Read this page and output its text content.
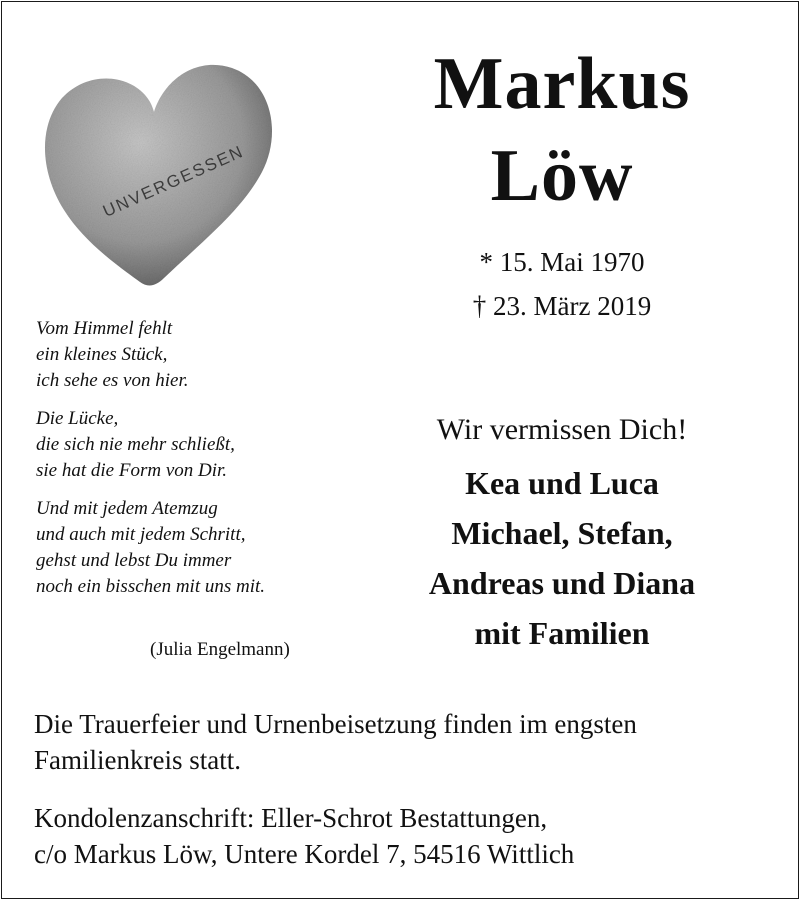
UNVERGESSEN
Vom Himmel fehlt
ein kleines Stück,
ich sehe es von hier.
Die Lücke,
die sich nie mehr schließt,
sie hat die Form von Dir.
Und mit jedem Atemzug
und auch mit jedem Schritt,
gehst und lebst Du immer
noch ein bisschen mit uns mit.
(Julia Engelmann)
Markus
Löw
* 15. Mai 1970
† 23. März 2019
Wir vermissen Dich!
Kea und Luca
Michael, Stefan,
Andreas und Diana
mit Familien

Die Trauerfeier und Urnenbeisetzung finden im engsten Familienkreis statt.

Kondolenzanschrift: Eller-Schrot Bestattungen,
c/o Markus Löw, Untere Kordel 7, 54516 Wittlich
